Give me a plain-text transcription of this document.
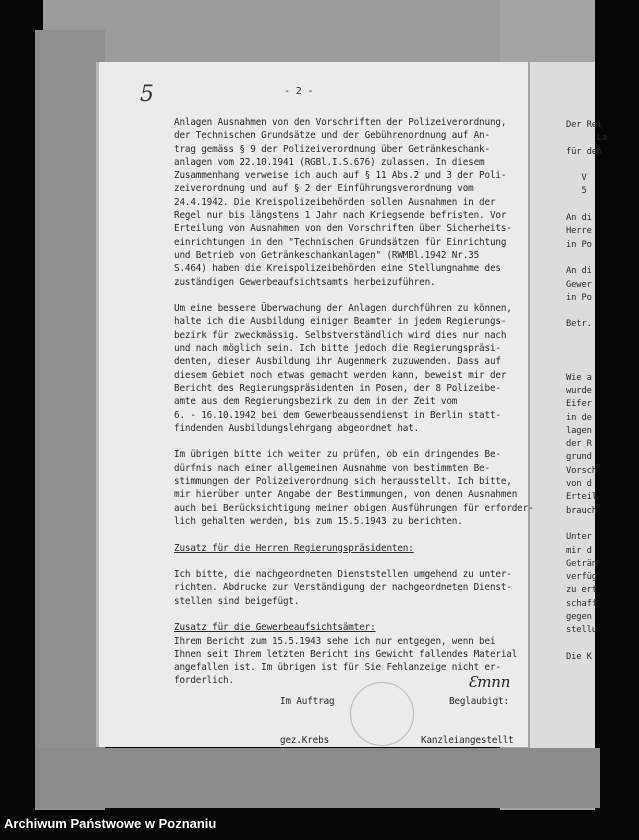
5	- 2 -
Anlagen Ausnahmen von den Vorschriften der Polizeiverordnung,
der Technischen Grundsätze und der Gebührenordnung auf An-
trag gemäss § 9 der Polizeiverordnung über Getränkeschank-
anlagen vom 22.10.1941 (RGBl.I.S.676) zulassen. In diesem
Zusammenhang verweise ich auch auf § 11 Abs.2 und 3 der Poli-
zeiverordnung und auf § 2 der Einführungsverordnung vom
24.4.1942. Die Kreispolizeibehörden sollen Ausnahmen in der
Regel nur bis längstens 1 Jahr nach Kriegsende befristen. Vor
Erteilung von Ausnahmen von den Vorschriften über Sicherheits-
einrichtungen in den "Technischen Grundsätzen für Einrichtung
und Betrieb von Getränkeschankanlagen" (RWMBl.1942 Nr.35
S.464) haben die Kreispolizeibehörden eine Stellungnahme des
zuständigen Gewerbeaufsichtsamts herbeizuführen.
Um eine bessere Überwachung der Anlagen durchführen zu können,
halte ich die Ausbildung einiger Beamter in jedem Regierungs-
bezirk für zweckmässig. Selbstverständlich wird dies nur nach
und nach möglich sein. Ich bitte jedoch die Regierungspräsi-
denten, dieser Ausbildung ihr Augenmerk zuzuwenden. Dass auf
diesem Gebiet noch etwas gemacht werden kann, beweist mir der
Bericht des Regierungspräsidenten in Posen, der 8 Polizeibe-
amte aus dem Regierungsbezirk zu dem in der Zeit vom
6. - 16.10.1942 bei dem Gewerbeaussendienst in Berlin statt-
findenden Ausbildungslehrgang abgeordnet hat.
Im übrigen bitte ich weiter zu prüfen, ob ein dringendes Be-
dürfnis nach einer allgemeinen Ausnahme von bestimmten Be-
stimmungen der Polizeiverordnung sich herausstellt. Ich bitte,
mir hierüber unter Angabe der Bestimmungen, von denen Ausnahmen
auch bei Berücksichtigung meiner obigen Ausführungen für erforder-
lich gehalten werden, bis zum 15.5.1943 zu berichten.
Zusatz für die Herren Regierungspräsidenten:
Ich bitte, die nachgeordneten Dienststellen umgehend zu unter-
richten. Abdrucke zur Verständigung der nachgeordneten Dienst-
stellen sind beigefügt.
Zusatz für die Gewerbeaufsichtsämter:
Ihrem Bericht zum 15.5.1943 sehe ich nur entgegen, wenn bei
Ihnen seit Ihrem letzten Bericht ins Gewicht fallendes Material
angefallen ist. Im übrigen ist für Sie Fehlanzeige nicht er-
forderlich.
Der Rei
La
für den
V
5
An di
Herre
in Po
An di
Gewer
in Po
Betr.
Wie a
wurde
Eifer
in de
lagen
der R
grund
Vorsch
von d
Erteil
brauch
Unter
mir d
Geträn
verfüg
zu ert
schaff
gegen
stellu
Die K

Im Auftrag

gez.Krebs

Beglaubigt:

Kanzleiangestellt

Ɛmnn
Archiwum Państwowe w Poznaniu
